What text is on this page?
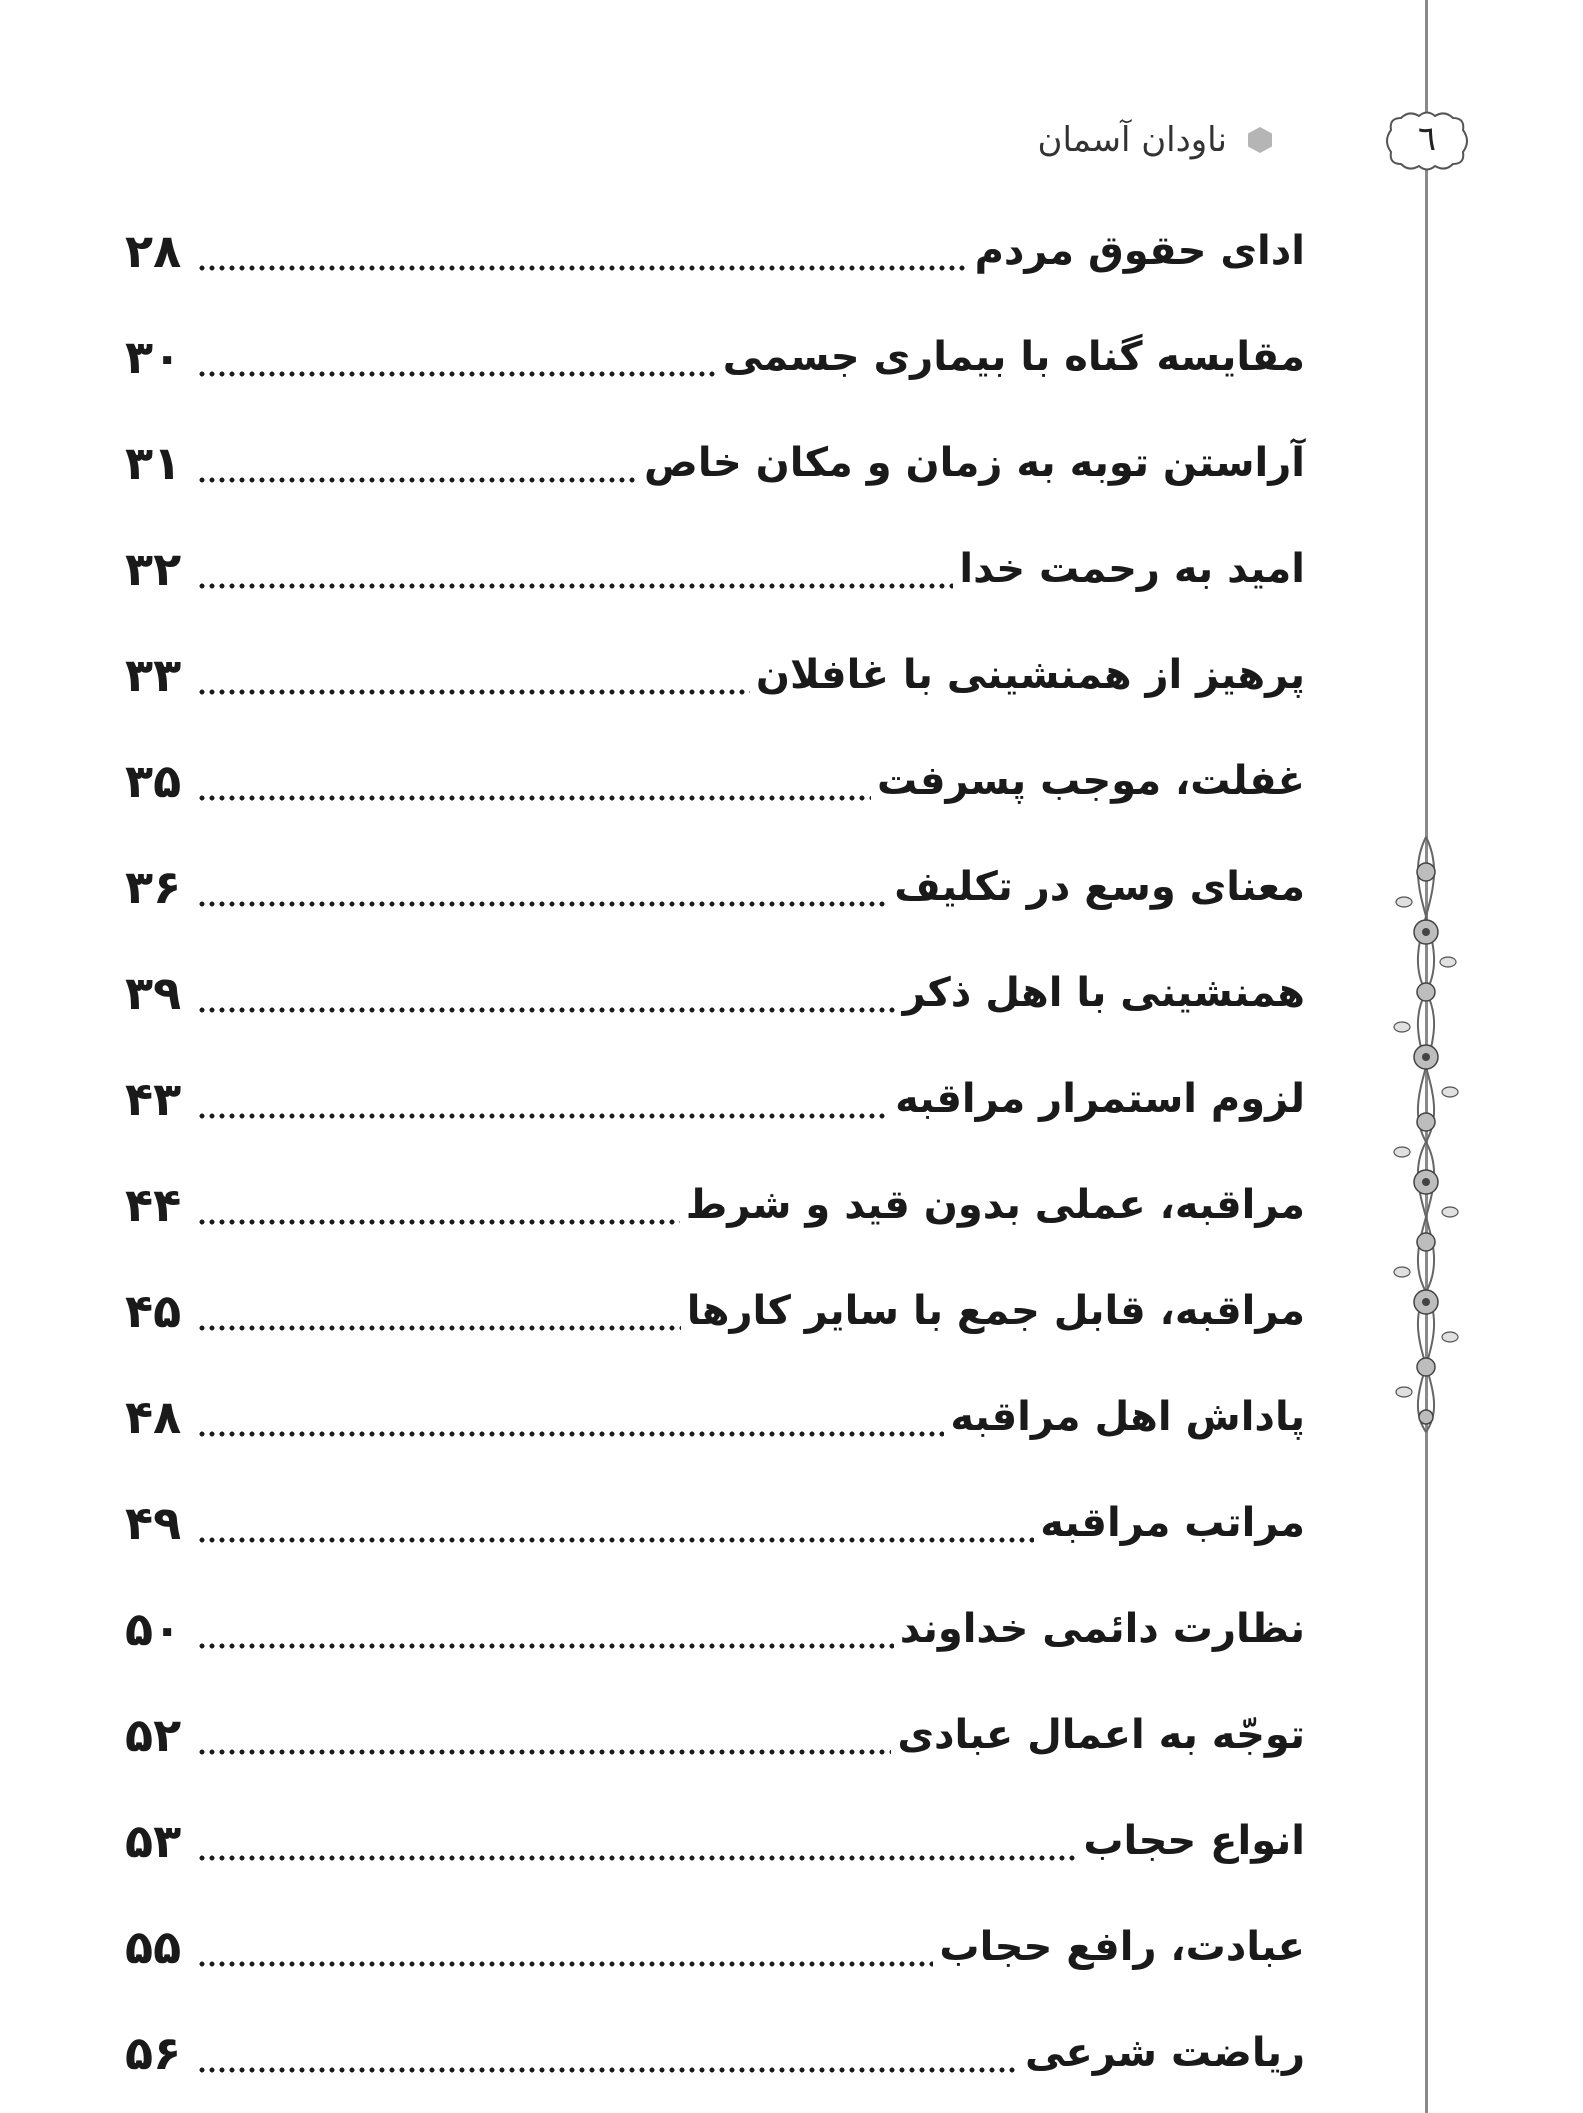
٦
ناودان آسمان
ادای حقوق مردم
۲۸
مقایسه گناه با بیماری جسمی
۳۰
آراستن توبه به زمان و مکان خاص
۳۱
امید به رحمت خدا
۳۲
پرهیز از همنشینی با غافلان
۳۳
غفلت، موجب پسرفت
۳۵
معنای وسع در تکلیف
۳۶
همنشینی با اهل ذکر
۳۹
لزوم استمرار مراقبه
۴۳
مراقبه، عملی بدون قید و شرط
۴۴
مراقبه، قابل جمع با سایر کارها
۴۵
پاداش اهل مراقبه
۴۸
مراتب مراقبه
۴۹
نظارت دائمی خداوند
۵۰
توجّه به اعمال عبادی
۵۲
انواع حجاب
۵۳
عبادت، رافع حجاب
۵۵
ریاضت شرعی
۵۶
